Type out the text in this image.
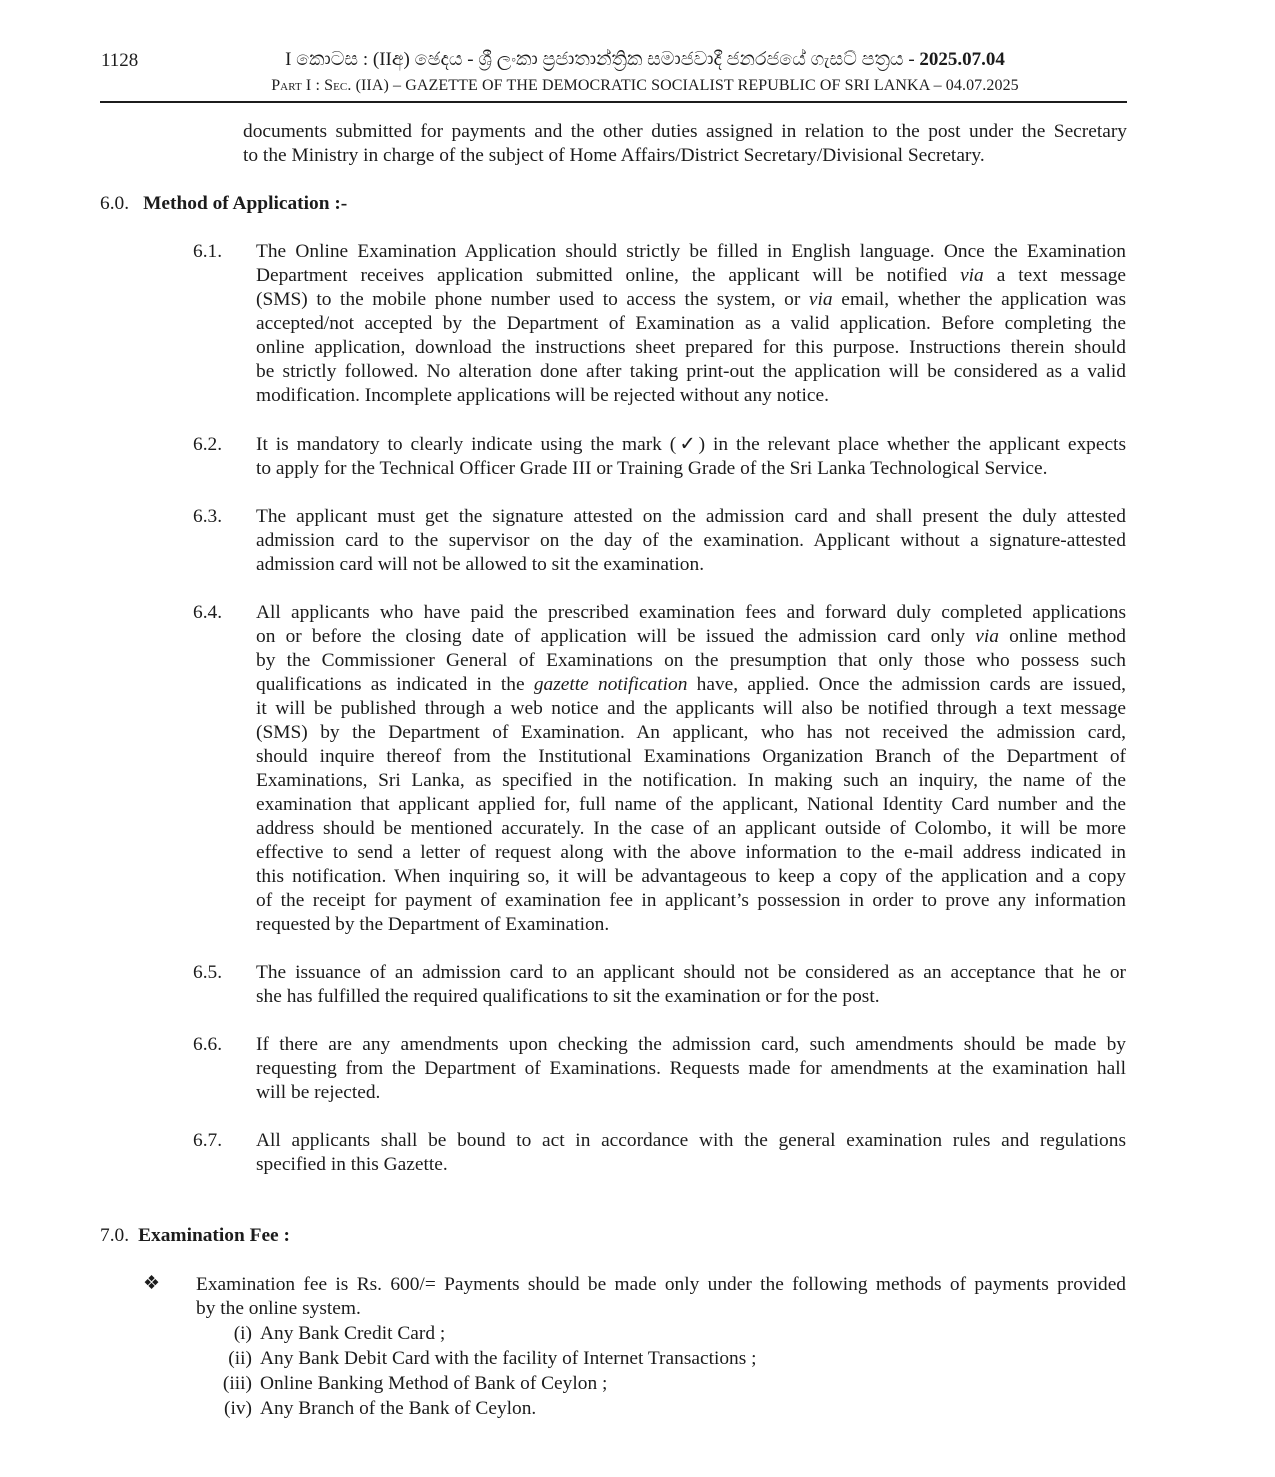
1128	I කොටස : (IIඅ) ඡෙදය - ශ්‍රී ලංකා ප්‍රජාතාන්ත්‍රික සමාජවාදී ජනරජයේ ගැසට් පත්‍රය - 2025.07.04
Part I : Sec. (IIA) – GAZETTE OF THE DEMOCRATIC SOCIALIST REPUBLIC OF SRI LANKA – 04.07.2025
documents submitted for payments and the other duties assigned in relation to the post under the Secretary
to the Ministry in charge of the subject of Home Affairs/District Secretary/Divisional Secretary.
6.0. Method of Application :-
6.1. The Online Examination Application should strictly be filled in English language. Once the Examination
Department receives application submitted online, the applicant will be notified via a text message
(SMS) to the mobile phone number used to access the system, or via email, whether the application was
accepted/not accepted by the Department of Examination as a valid application. Before completing the
online application, download the instructions sheet prepared for this purpose. Instructions therein should
be strictly followed. No alteration done after taking print-out the application will be considered as a valid
modification. Incomplete applications will be rejected without any notice.
6.2. It is mandatory to clearly indicate using the mark (✓) in the relevant place whether the applicant expects
to apply for the Technical Officer Grade III or Training Grade of the Sri Lanka Technological Service.
6.3. The applicant must get the signature attested on the admission card and shall present the duly attested
admission card to the supervisor on the day of the examination. Applicant without a signature-attested
admission card will not be allowed to sit the examination.
6.4. All applicants who have paid the prescribed examination fees and forward duly completed applications
on or before the closing date of application will be issued the admission card only via online method
by the Commissioner General of Examinations on the presumption that only those who possess such
qualifications as indicated in the gazette notification have, applied. Once the admission cards are issued,
it will be published through a web notice and the applicants will also be notified through a text message
(SMS) by the Department of Examination. An applicant, who has not received the admission card,
should inquire thereof from the Institutional Examinations Organization Branch of the Department of
Examinations, Sri Lanka, as specified in the notification. In making such an inquiry, the name of the
examination that applicant applied for, full name of the applicant, National Identity Card number and the
address should be mentioned accurately. In the case of an applicant outside of Colombo, it will be more
effective to send a letter of request along with the above information to the e-mail address indicated in
this notification. When inquiring so, it will be advantageous to keep a copy of the application and a copy
of the receipt for payment of examination fee in applicant’s possession in order to prove any information
requested by the Department of Examination.
6.5. The issuance of an admission card to an applicant should not be considered as an acceptance that he or
she has fulfilled the required qualifications to sit the examination or for the post.
6.6. If there are any amendments upon checking the admission card, such amendments should be made by
requesting from the Department of Examinations. Requests made for amendments at the examination hall
will be rejected.
6.7. All applicants shall be bound to act in accordance with the general examination rules and regulations
specified in this Gazette.
7.0. Examination Fee :
❖ Examination fee is Rs. 600/= Payments should be made only under the following methods of payments provided
by the online system.
(i) Any Bank Credit Card ;
(ii) Any Bank Debit Card with the facility of Internet Transactions ;
(iii) Online Banking Method of Bank of Ceylon ;
(iv) Any Branch of the Bank of Ceylon.
